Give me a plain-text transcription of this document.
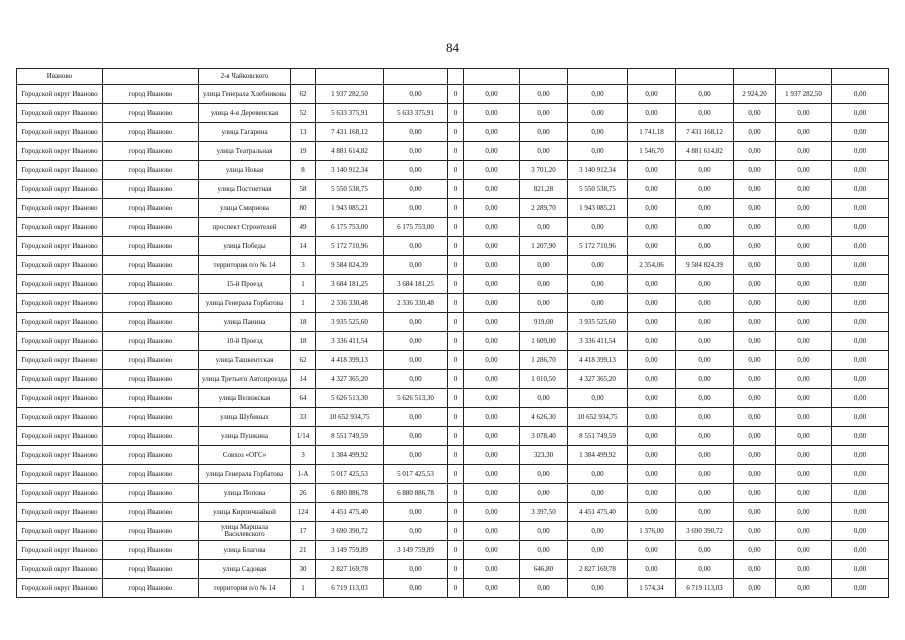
84
Иваново		2-я Чайковского												
Городской округ Иваново	город Иваново	улица Генерала Хлебникова	62	1 937 282,50	0,00	0	0,00	0,00	0,00	0,00	0,00	2 924,20	1 937 282,50	0,00
Городской округ Иваново	город Иваново	улица 4-я Деревенская	52	5 633 375,91	5 633 375,91	0	0,00	0,00	0,00	0,00	0,00	0,00	0,00	0,00
Городской округ Иваново	город Иваново	улица Гагарина	13	7 431 168,12	0,00	0	0,00	0,00	0,00	1 741,18	7 431 168,12	0,00	0,00	0,00
Городской округ Иваново	город Иваново	улица Театральная	19	4 881 614,82	0,00	0	0,00	0,00	0,00	1 546,70	4 881 614,82	0,00	0,00	0,00
Городской округ Иваново	город Иваново	улица Новая	8	3 140 912,34	0,00	0	0,00	3 701,20	3 140 912,34	0,00	0,00	0,00	0,00	0,00
Городской округ Иваново	город Иваново	улица Постнетная	58	5 550 538,75	0,00	0	0,00	821,28	5 550 538,75	0,00	0,00	0,00	0,00	0,00
Городской округ Иваново	город Иваново	улица Смирнова	80	1 943 085,21	0,00	0	0,00	2 289,70	1 943 085,21	0,00	0,00	0,00	0,00	0,00
Городской округ Иваново	город Иваново	проспект Строителей	49	6 175 753,00	6 175 753,00	0	0,00	0,00	0,00	0,00	0,00	0,00	0,00	0,00
Городской округ Иваново	город Иваново	улица Победы	14	5 172 710,96	0,00	0	0,00	1 207,90	5 172 710,96	0,00	0,00	0,00	0,00	0,00
Городской округ Иваново	город Иваново	территория п/о № 14	3	9 584 824,39	0,00	0	0,00	0,00	0,00	2 354,06	9 584 824,39	0,00	0,00	0,00
Городской округ Иваново	город Иваново	15-й Проезд	1	3 684 181,25	3 684 181,25	0	0,00	0,00	0,00	0,00	0,00	0,00	0,00	0,00
Городской округ Иваново	город Иваново	улица Генерала Горбатова	1	2 336 330,48	2 336 330,48	0	0,00	0,00	0,00	0,00	0,00	0,00	0,00	0,00
Городской округ Иваново	город Иваново	улица Панина	18	3 935 525,60	0,00	0	0,00	919,00	3 935 525,60	0,00	0,00	0,00	0,00	0,00
Городской округ Иваново	город Иваново	10-й Проезд	18	3 336 411,54	0,00	0	0,00	1 609,00	3 336 411,54	0,00	0,00	0,00	0,00	0,00
Городской округ Иваново	город Иваново	улица Ташкентская	62	4 418 399,13	0,00	0	0,00	1 286,70	4 418 399,13	0,00	0,00	0,00	0,00	0,00
Городской округ Иваново	город Иваново	улица Третьего Автопроезда	14	4 327 365,20	0,00	0	0,00	1 010,50	4 327 365,20	0,00	0,00	0,00	0,00	0,00
Городской округ Иваново	город Иваново	улица Велижская	64	5 626 513,30	5 626 513,30	0	0,00	0,00	0,00	0,00	0,00	0,00	0,00	0,00
Городской округ Иваново	город Иваново	улица Шубиных	33	10 652 934,75	0,00	0	0,00	4 626,30	10 652 934,75	0,00	0,00	0,00	0,00	0,00
Городской округ Иваново	город Иваново	улица Пушкина	1/14	8 551 749,59	0,00	0	0,00	3 078,40	8 551 749,59	0,00	0,00	0,00	0,00	0,00
Городской округ Иваново	город Иваново	Совхоз «ОГС»	3	1 384 499,92	0,00	0	0,00	323,30	1 384 499,92	0,00	0,00	0,00	0,00	0,00
Городской округ Иваново	город Иваново	улица Генерала Горбатова	1-А	5 017 425,53	5 017 425,53	0	0,00	0,00	0,00	0,00	0,00	0,00	0,00	0,00
Городской округ Иваново	город Иваново	улица Попова	26	6 880 886,78	6 880 886,78	0	0,00	0,00	0,00	0,00	0,00	0,00	0,00	0,00
Городской округ Иваново	город Иваново	улица Кирпичнайкой	124	4 451 475,40	0,00	0	0,00	3 397,50	4 451 475,40	0,00	0,00	0,00	0,00	0,00
Городской округ Иваново	город Иваново	улица Маршала Василевского	17	3 690 390,72	0,00	0	0,00	0,00	0,00	1 376,00	3 690 390,72	0,00	0,00	0,00
Городской округ Иваново	город Иваново	улица Благова	21	3 149 759,89	3 149 759,89	0	0,00	0,00	0,00	0,00	0,00	0,00	0,00	0,00
Городской округ Иваново	город Иваново	улица Садовая	30	2 827 169,78	0,00	0	0,00	646,80	2 827 169,78	0,00	0,00	0,00	0,00	0,00
Городской округ Иваново	город Иваново	территория п/о № 14	1	6 719 113,03	0,00	0	0,00	0,00	0,00	1 574,34	6 719 113,03	0,00	0,00	0,00
